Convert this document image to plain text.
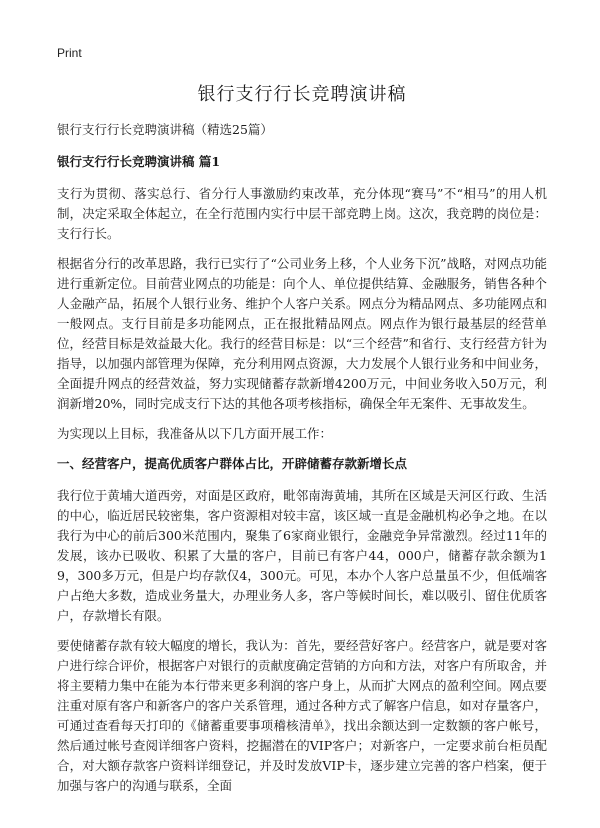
Print
银行支行行长竞聘演讲稿

银行支行行长竞聘演讲稿（精选25篇）

银行支行行长竞聘演讲稿 篇1

支行为贯彻、落实总行、省分行人事激励约束改革，充分体现“赛马”不“相马”的用人机制，决定采取全体起立，在全行范围内实行中层干部竞聘上岗。这次，我竞聘的岗位是：支行行长。

根据省分行的改革思路，我行已实行了“公司业务上移，个人业务下沉”战略，对网点功能进行重新定位。目前营业网点的功能是：向个人、单位提供结算、金融服务，销售各种个人金融产品，拓展个人银行业务、维护个人客户关系。网点分为精品网点、多功能网点和一般网点。支行目前是多功能网点，正在报批精品网点。网点作为银行最基层的经营单位，经营目标是效益最大化。我行的经营目标是：以“三个经营”和省行、支行经营方针为指导，以加强内部管理为保障，充分利用网点资源，大力发展个人银行业务和中间业务，全面提升网点的经营效益，努力实现储蓄存款新增4200万元，中间业务收入50万元，利润新增20%，同时完成支行下达的其他各项考核指标，确保全年无案件、无事故发生。

为实现以上目标，我准备从以下几方面开展工作：

一、经营客户，提高优质客户群体占比，开辟储蓄存款新增长点

我行位于黄埔大道西旁，对面是区政府，毗邻南海黄埔，其所在区域是天河区行政、生活的中心，临近居民较密集，客户资源相对较丰富，该区域一直是金融机构必争之地。在以我行为中心的前后300米范围内，聚集了6家商业银行，金融竞争异常激烈。经过11年的发展，该办已吸收、积累了大量的客户，目前已有客户44，000户，储蓄存款余额为19，300多万元，但是户均存款仅4，300元。可见，本办个人客户总量虽不少，但低端客户占绝大多数，造成业务量大，办理业务人多，客户等候时间长，难以吸引、留住优质客户，存款增长有限。

要使储蓄存款有较大幅度的增长，我认为：首先，要经营好客户。经营客户，就是要对客户进行综合评价，根据客户对银行的贡献度确定营销的方向和方法，对客户有所取舍，并将主要精力集中在能为本行带来更多利润的客户身上，从而扩大网点的盈利空间。网点要注重对原有客户和新客户的客户关系管理，通过各种方式了解客户信息，如对存量客户，可通过查看每天打印的《储蓄重要事项稽核清单》，找出余额达到一定数额的客户帐号，然后通过帐号查阅详细客户资料，挖掘潜在的VIP客户；对新客户，一定要求前台柜员配合，对大额存款客户资料详细登记，并及时发放VIP卡，逐步建立完善的客户档案，便于加强与客户的沟通与联系，全面
